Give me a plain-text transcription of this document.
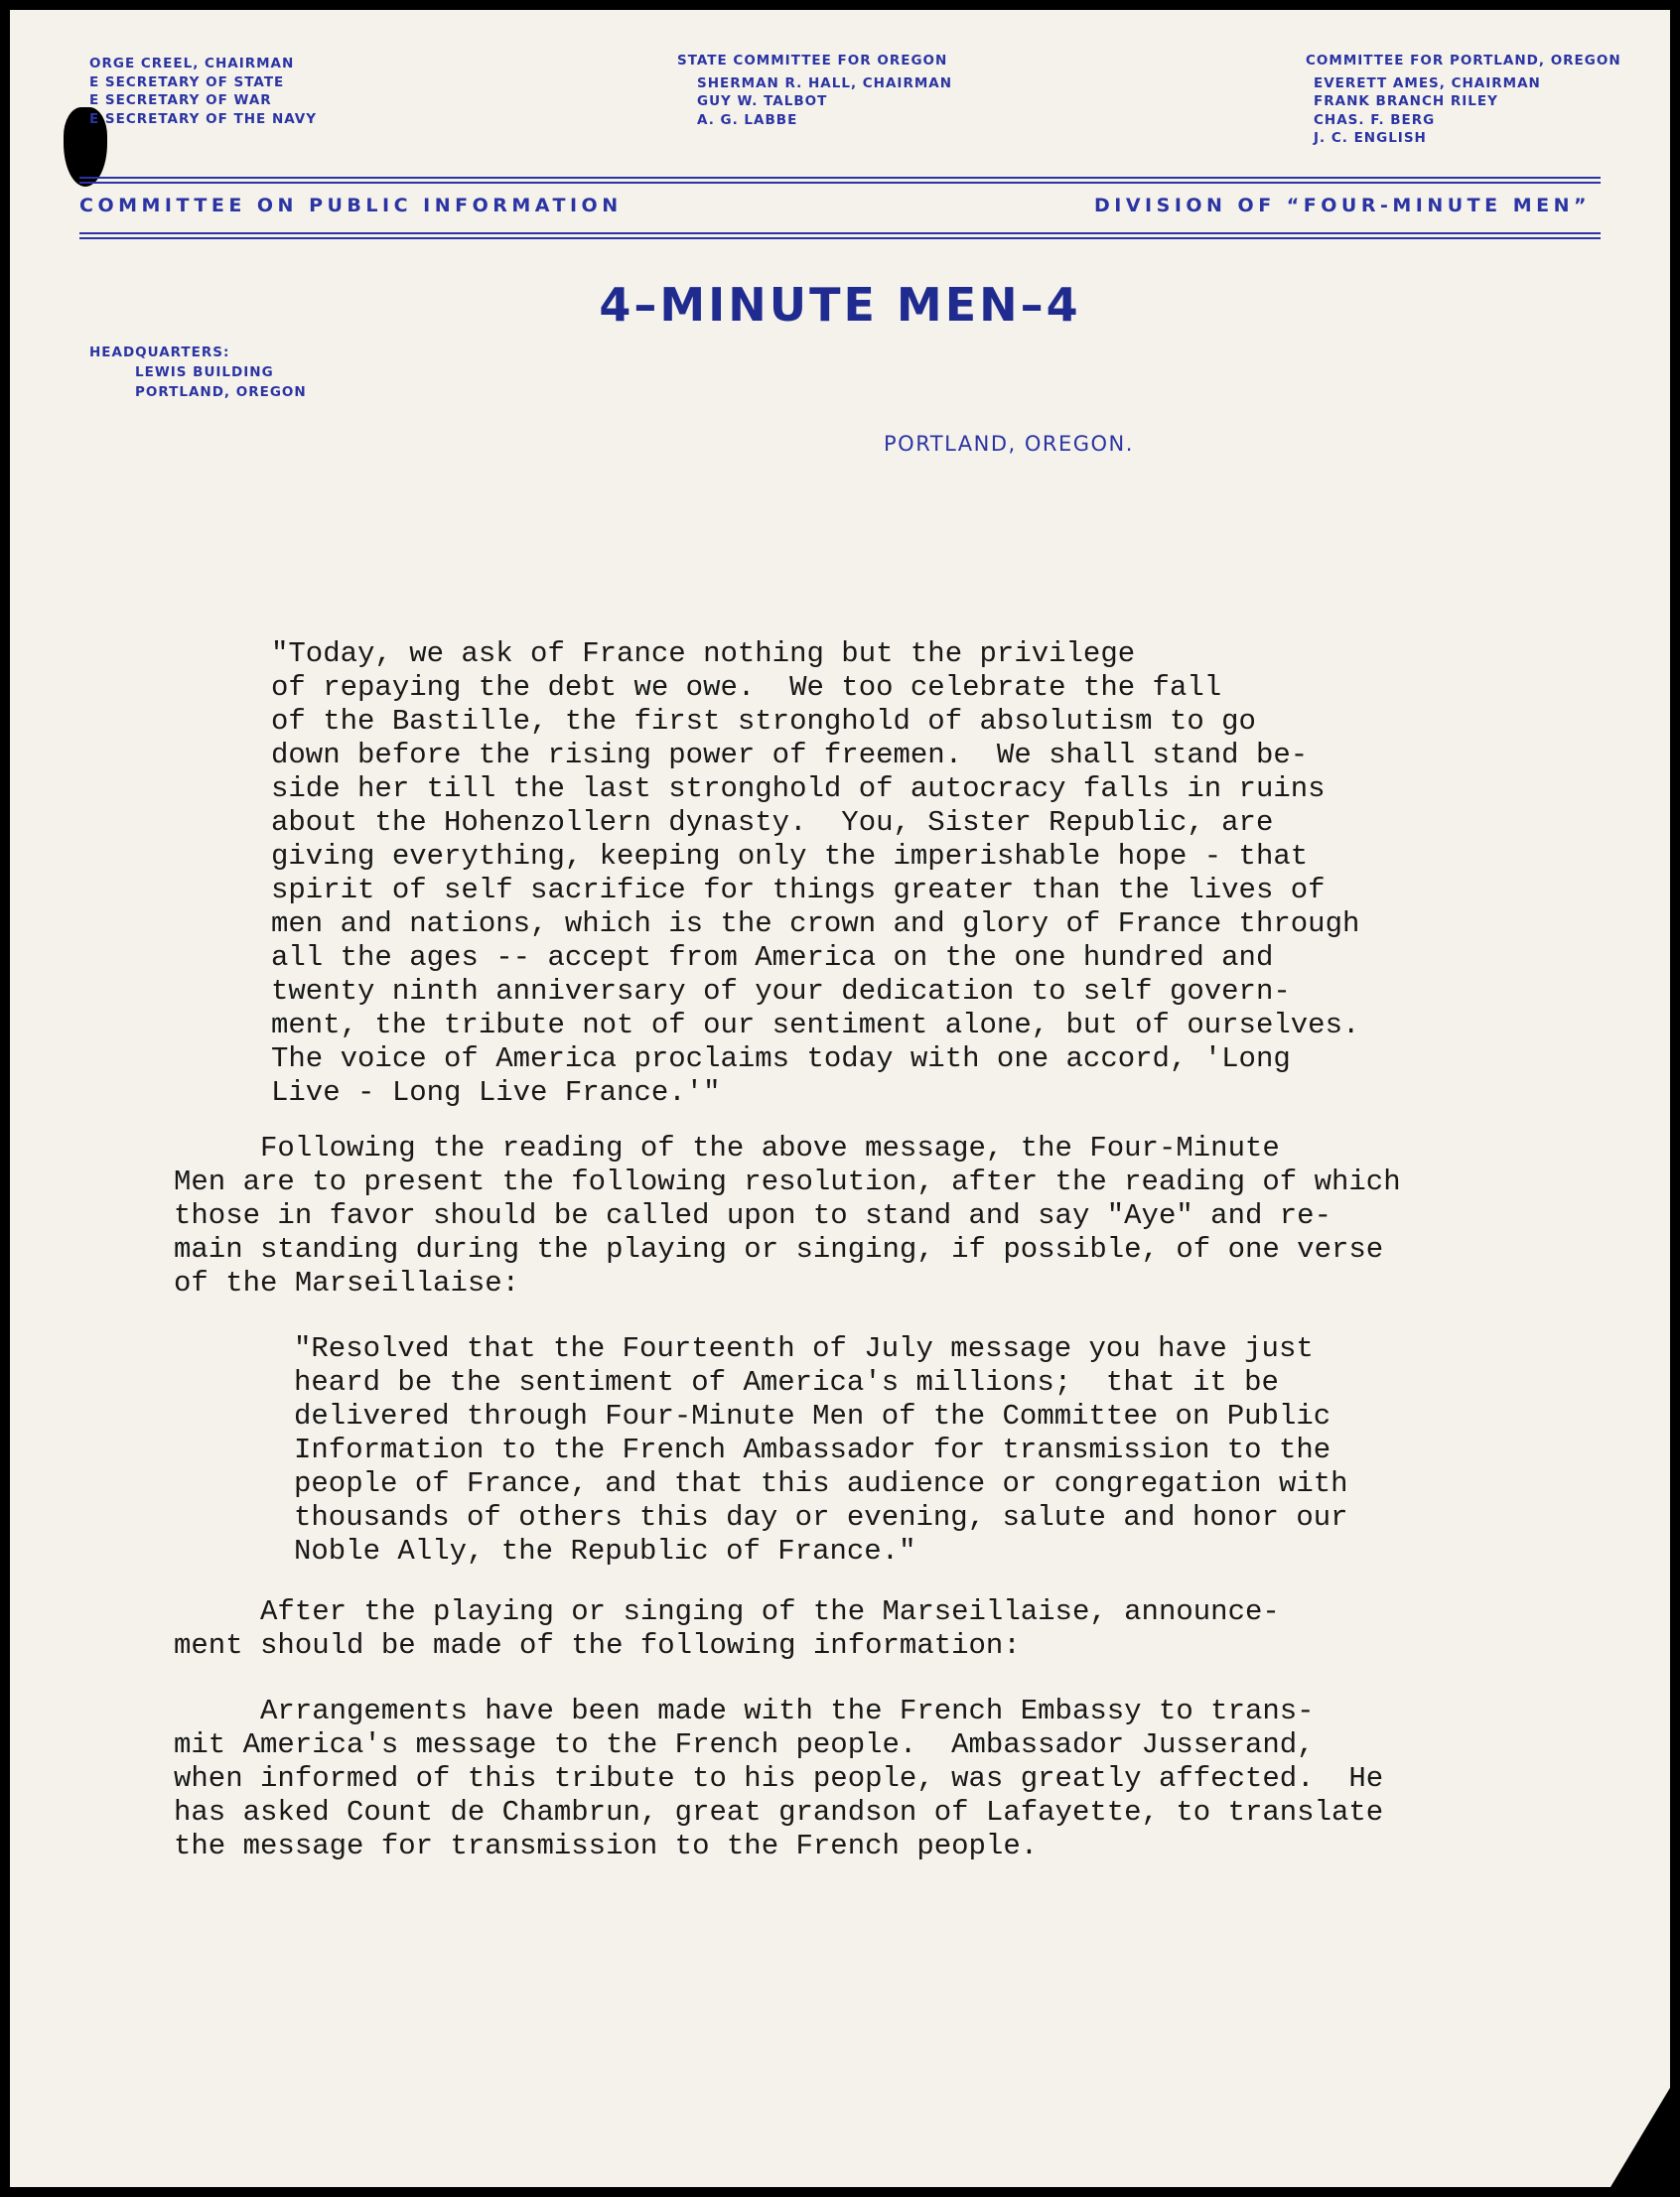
ORGE CREEL, CHAIRMAN
E SECRETARY OF STATE
E SECRETARY OF WAR
E SECRETARY OF THE NAVY
STATE COMMITTEE FOR OREGON
SHERMAN R. HALL, CHAIRMAN
GUY W. TALBOT
A. G. LABBE
COMMITTEE FOR PORTLAND, OREGON
EVERETT AMES, CHAIRMAN
FRANK BRANCH RILEY
CHAS. F. BERG
J. C. ENGLISH
COMMITTEE ON PUBLIC INFORMATION	DIVISION OF “FOUR-MINUTE MEN”
4–MINUTE MEN–4
HEADQUARTERS:
LEWIS BUILDING
PORTLAND, OREGON
PORTLAND, OREGON.
"Today, we ask of France nothing but the privilege
of repaying the debt we owe.  We too celebrate the fall
of the Bastille, the first stronghold of absolutism to go
down before the rising power of freemen.  We shall stand be-
side her till the last stronghold of autocracy falls in ruins
about the Hohenzollern dynasty.  You, Sister Republic, are
giving everything, keeping only the imperishable hope - that
spirit of self sacrifice for things greater than the lives of
men and nations, which is the crown and glory of France through
all the ages -- accept from America on the one hundred and
twenty ninth anniversary of your dedication to self govern-
ment, the tribute not of our sentiment alone, but of ourselves.
The voice of America proclaims today with one accord, 'Long
Live - Long Live France.'"
Following the reading of the above message, the Four-Minute
Men are to present the following resolution, after the reading of which
those in favor should be called upon to stand and say "Aye" and re-
main standing during the playing or singing, if possible, of one verse
of the Marseillaise:
"Resolved that the Fourteenth of July message you have just
heard be the sentiment of America's millions;  that it be
delivered through Four-Minute Men of the Committee on Public
Information to the French Ambassador for transmission to the
people of France, and that this audience or congregation with
thousands of others this day or evening, salute and honor our
Noble Ally, the Republic of France."
After the playing or singing of the Marseillaise, announce-
ment should be made of the following information:
Arrangements have been made with the French Embassy to trans-
mit America's message to the French people.  Ambassador Jusserand,
when informed of this tribute to his people, was greatly affected.  He
has asked Count de Chambrun, great grandson of Lafayette, to translate
the message for transmission to the French people.
